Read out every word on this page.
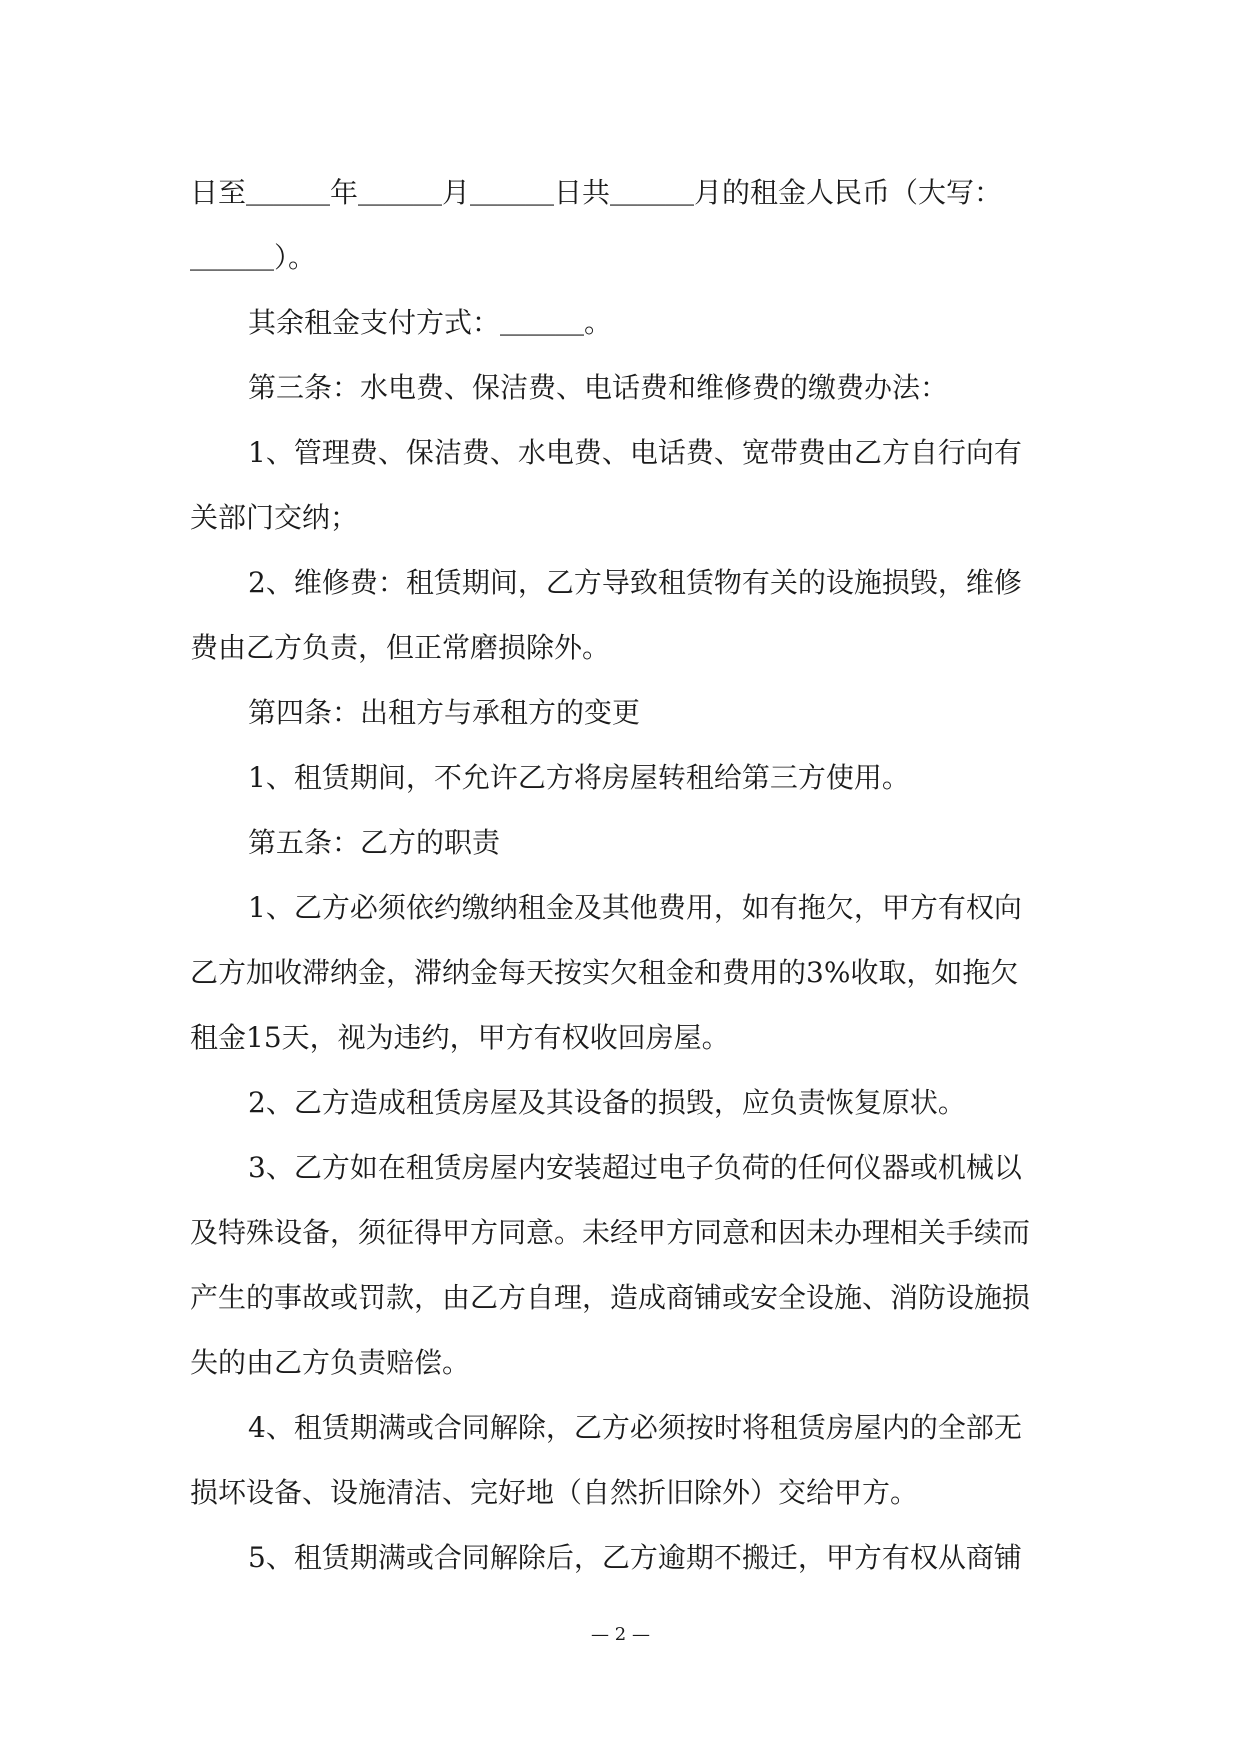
日至＿＿＿年＿＿＿月＿＿＿日共＿＿＿月的租金人民币（大写：
＿＿＿）。
其余租金支付方式：＿＿＿。
第三条：水电费、保洁费、电话费和维修费的缴费办法：
1、管理费、保洁费、水电费、电话费、宽带费由乙方自行向有
关部门交纳；
2、维修费：租赁期间，乙方导致租赁物有关的设施损毁，维修
费由乙方负责，但正常磨损除外。
第四条：出租方与承租方的变更
1、租赁期间，不允许乙方将房屋转租给第三方使用。
第五条：乙方的职责
1、乙方必须依约缴纳租金及其他费用，如有拖欠，甲方有权向
乙方加收滞纳金，滞纳金每天按实欠租金和费用的3%收取，如拖欠
租金15天，视为违约，甲方有权收回房屋。
2、乙方造成租赁房屋及其设备的损毁，应负责恢复原状。
3、乙方如在租赁房屋内安装超过电子负荷的任何仪器或机械以
及特殊设备，须征得甲方同意。未经甲方同意和因未办理相关手续而
产生的事故或罚款，由乙方自理，造成商铺或安全设施、消防设施损
失的由乙方负责赔偿。
4、租赁期满或合同解除，乙方必须按时将租赁房屋内的全部无
损坏设备、设施清洁、完好地（自然折旧除外）交给甲方。
5、租赁期满或合同解除后，乙方逾期不搬迁，甲方有权从商铺
— 2 —
